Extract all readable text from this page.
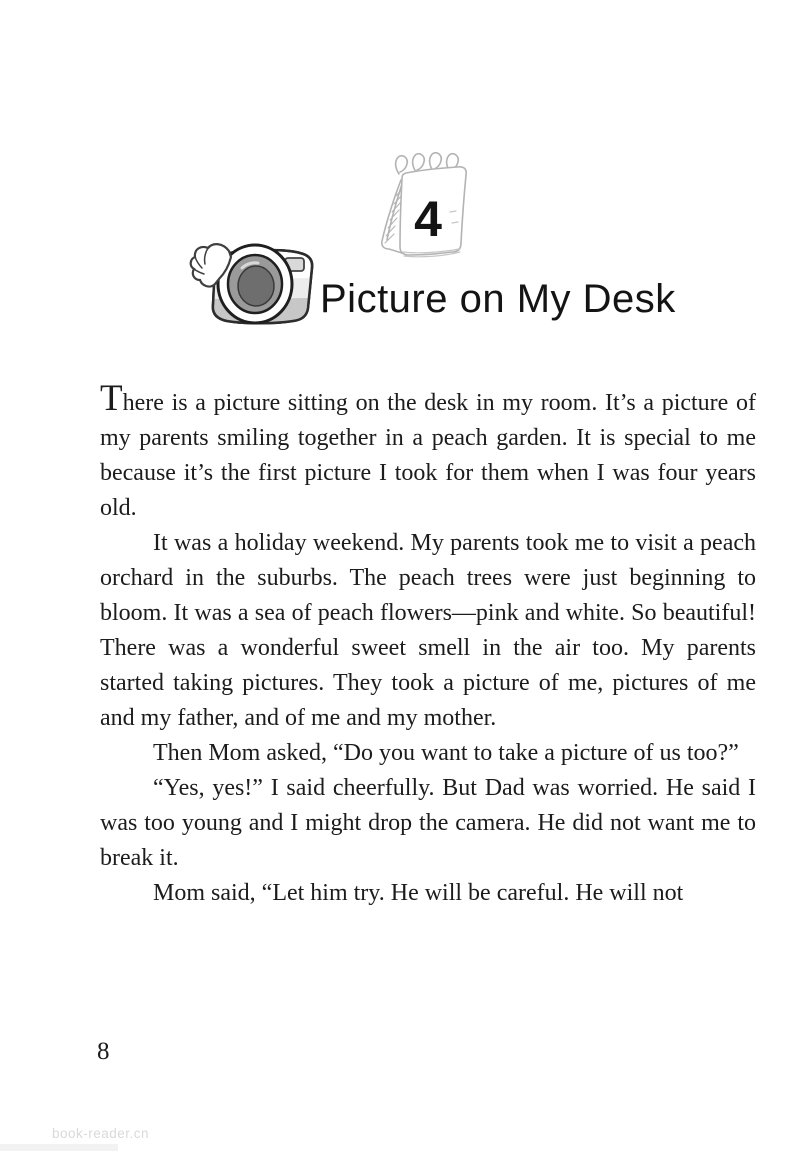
4
Picture on My Desk

There is a picture sitting on the desk in my room. It’s a picture of my parents smiling together in a peach garden. It is special to me because it’s the first picture I took for them when I was four years old.

It was a holiday weekend. My parents took me to visit a peach orchard in the suburbs. The peach trees were just beginning to bloom. It was a sea of peach flowers—pink and white. So beautiful! There was a wonderful sweet smell in the air too. My parents started taking pictures. They took a picture of me, pictures of me and my father, and of me and my mother.

Then Mom asked, “Do you want to take a picture of us too?”

“Yes, yes!” I said cheerfully. But Dad was worried. He said I was too young and I might drop the camera. He did not want me to break it.

Mom said, “Let him try. He will be careful. He will not

8
book-reader.cn
